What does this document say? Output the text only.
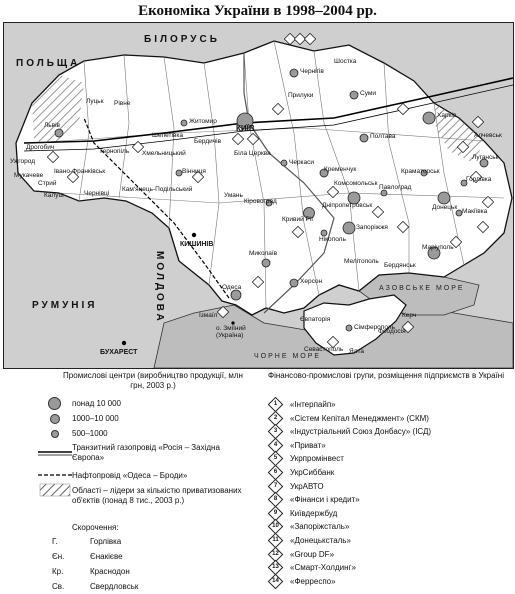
Економіка України в 1998–2004 рр.
ПОЛЬЩА
БІЛОРУСЬ
РУМУНІЯ	МОЛДОВА	АЗОВСЬКЕ МОРЕ
ЧОРНЕ МОРЕ
КИЇВ
КИШИНІВ
БУХАРЕСТ
о. Зміїний (Україна)
Чернігів
Суми
Харків
Луцьк Рівне
Житомир
Львів
Тернопіль Хмельницький
Вінниця
Ужгород
Івано-Франківськ
Чернівці
Полтава
Черкаси
Кіровоград
Миколаїв
Херсон
Одеса
Запоріжжя
Дніпропетровськ	Донецьк
Луганськ
Сімферополь
Севастополь
Маріуполь
Кременчук
Кривий Ріг
Нікополь
Мелітополь
Бердянськ
Керч
Ялта
Феодосія
Євпаторія
Краматорськ
Горлівка
Макіївка
Алчевськ
Комсомольськ
Павлоград
Прилуки
Шостка
Бердичів
Умань
Біла Церква
Ізмаїл
Стрий
Калуш
Мукачеве
Шепетівка
Дрогобич
Кам'янець-Подільський
Промислові центри (виробництво продукції, млн грн, 2003 р.)
понад 10 000
1000–10 000
500–1000
Транзитний газопровід «Росія – Західна Європа»
Нафтопровід «Одеса – Броди»
Області – лідери за кількістю приватизованих об'єктів (понад 8 тис., 2003 р.)
Скорочення:
Г.	Горлівка
Єн.	Єнакієве
Кр.	Краснодон
Св.	Свердловськ
Фінансово-промислові групи, розміщення підприємств в Україні
1	«Інтерпайп»
2	«Сістем Кепітал Менеджмент» (СКМ)
3	«Індустріальний Союз Донбасу» (ІСД)
4	«Приват»
5	Укрпромінвест
6	УкрСиббанк
7	УкрАВТО
8	«Фінанси і кредит»
9	Київдержбуд
10 «Запоріжсталь»
11 «Донецьксталь»
12 «Group DF»
13 «Смарт-Холдинг»
14 «Ферреспо»
